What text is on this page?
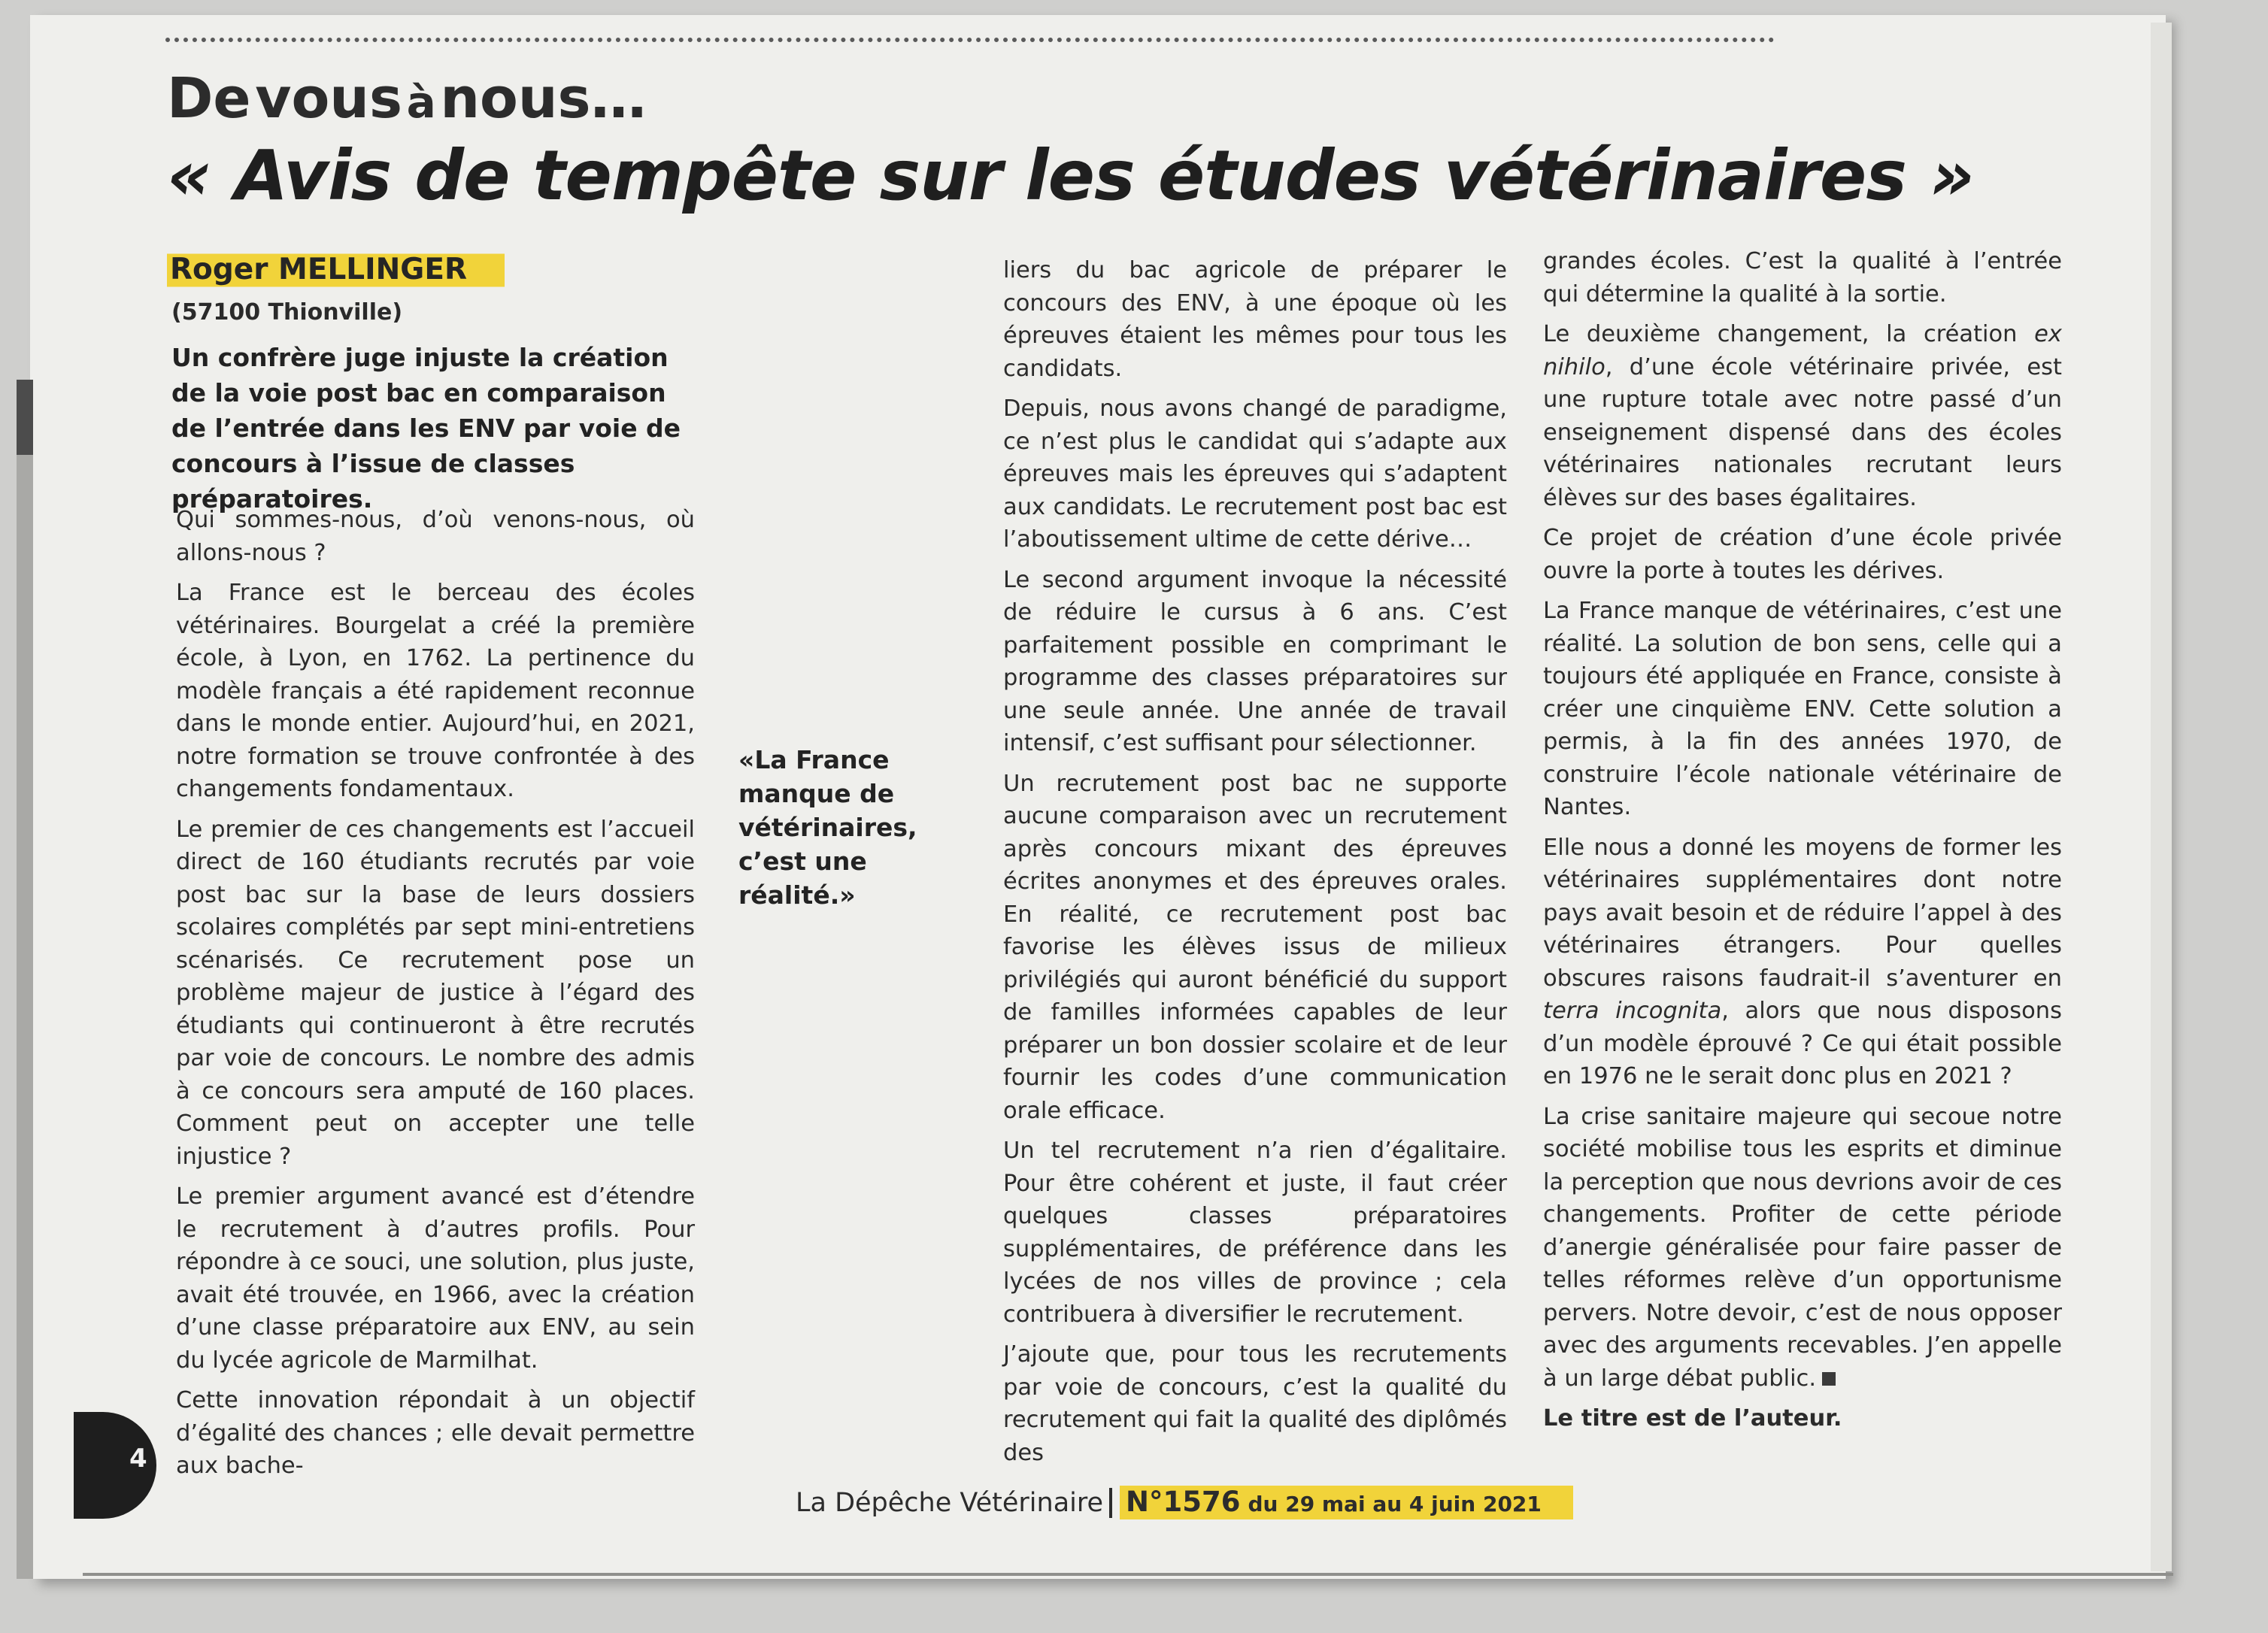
De vous à nous…
« Avis de tempête sur les études vétérinaires »
Roger MELLINGER
(57100 Thionville)
Un confrère juge injuste la création de la voie post bac en comparaison de l’entrée dans les ENV par voie de concours à l’issue de classes préparatoires.

Qui sommes-nous, d’où venons-nous, où allons-nous ?

La France est le berceau des écoles vétérinaires. Bourgelat a créé la première école, à Lyon, en 1762. La pertinence du modèle français a été rapidement reconnue dans le monde entier. Aujourd’hui, en 2021, notre formation se trouve confrontée à des changements fondamentaux.

Le premier de ces changements est l’accueil direct de 160 étudiants recrutés par voie post bac sur la base de leurs dossiers scolaires complétés par sept mini-entretiens scénarisés. Ce recrutement pose un problème majeur de justice à l’égard des étudiants qui continueront à être recrutés par voie de concours. Le nombre des admis à ce concours sera amputé de 160 places. Comment peut on accepter une telle injustice ?

Le premier argument avancé est d’étendre le recrutement à d’autres profils. Pour répondre à ce souci, une solution, plus juste, avait été trouvée, en 1966, avec la création d’une classe préparatoire aux ENV, au sein du lycée agricole de Marmilhat.

Cette innovation répondait à un objectif d’égalité des chances ; elle devait permettre aux bache-

«La France manque de vétérinaires, c’est une réalité.»

liers du bac agricole de préparer le concours des ENV, à une époque où les épreuves étaient les mêmes pour tous les candidats.

Depuis, nous avons changé de paradigme, ce n’est plus le candidat qui s’adapte aux épreuves mais les épreuves qui s’adaptent aux candidats. Le recrutement post bac est l’aboutissement ultime de cette dérive…

Le second argument invoque la nécessité de réduire le cursus à 6 ans. C’est parfaitement possible en comprimant le programme des classes préparatoires sur une seule année. Une année de travail intensif, c’est suffisant pour sélectionner.

Un recrutement post bac ne supporte aucune comparaison avec un recrutement après concours mixant des épreuves écrites anonymes et des épreuves orales. En réalité, ce recrutement post bac favorise les élèves issus de milieux privilégiés qui auront bénéficié du support de familles informées capables de leur préparer un bon dossier scolaire et de leur fournir les codes d’une communication orale efficace.

Un tel recrutement n’a rien d’égalitaire. Pour être cohérent et juste, il faut créer quelques classes préparatoires supplémentaires, de préférence dans les lycées de nos villes de province ; cela contribuera à diversifier le recrutement.

J’ajoute que, pour tous les recrutements par voie de concours, c’est la qualité du recrutement qui fait la qualité des diplômés des

grandes écoles. C’est la qualité à l’entrée qui détermine la qualité à la sortie.

Le deuxième changement, la création ex nihilo, d’une école vétérinaire privée, est une rupture totale avec notre passé d’un enseignement dispensé dans des écoles vétérinaires nationales recrutant leurs élèves sur des bases égalitaires.

Ce projet de création d’une école privée ouvre la porte à toutes les dérives.

La France manque de vétérinaires, c’est une réalité. La solution de bon sens, celle qui a toujours été appliquée en France, consiste à créer une cinquième ENV. Cette solution a permis, à la fin des années 1970, de construire l’école nationale vétérinaire de Nantes.

Elle nous a donné les moyens de former les vétérinaires supplémentaires dont notre pays avait besoin et de réduire l’appel à des vétérinaires étrangers. Pour quelles obscures raisons faudrait-il s’aventurer en terra incognita, alors que nous disposons d’un modèle éprouvé ? Ce qui était possible en 1976 ne le serait donc plus en 2021 ?

La crise sanitaire majeure qui secoue notre société mobilise tous les esprits et diminue la perception que nous devrions avoir de ces changements. Profiter de cette période d’anergie généralisée pour faire passer de telles réformes relève d’un opportunisme pervers. Notre devoir, c’est de nous opposer avec des arguments recevables. J’en appelle à un large débat public.

Le titre est de l’auteur.

4
La Dépêche Vétérinaire N°1576 du 29 mai au 4 juin 2021
